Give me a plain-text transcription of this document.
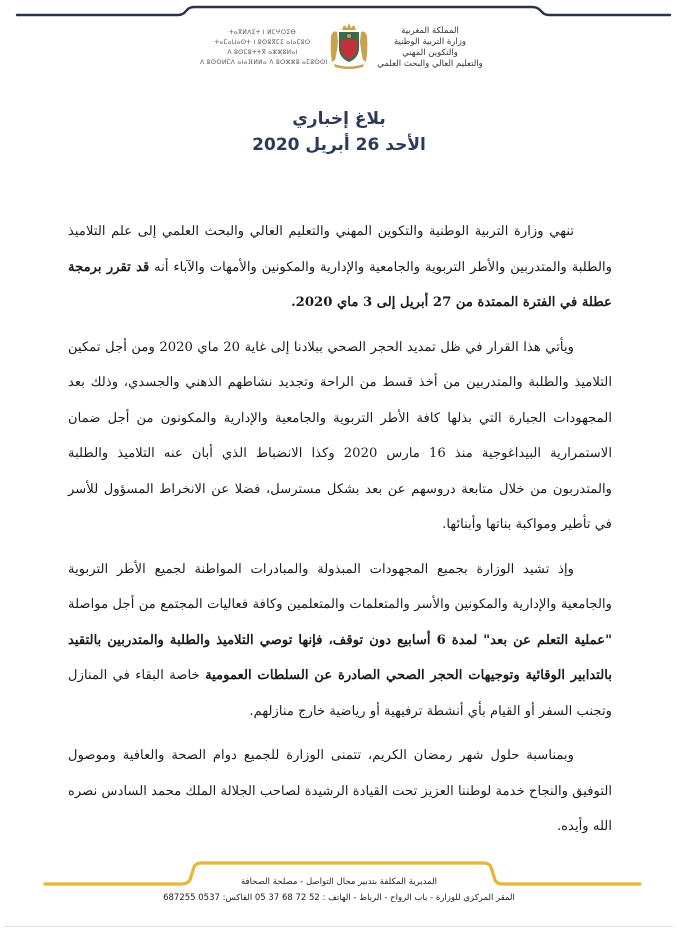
ⵜⴰⴳⵍⴷⵉⵜ ⵏ ⵍⵎⵖⵔⵉⴱ
ⵜⴰⵎⴰⵡⴰⵙⵜ ⵏ ⵓⵙⵓⴳⵎⵉ ⴰⵏⴰⵎⵓⵔ
ⴷ ⵓⵙⵎⵓⵜⵜⴳ ⴰⵣⵣⵓⵍⴰⵏ
ⴷ ⵓⵙⵙⵍⵎⴷ ⴰⵏⴰⴼⵍⵍⴰ ⴷ ⵓⵔⵣⵣⵓ ⴰⵎⵓⵙⵙⵏ
المملكة المغربية
وزارة التربية الوطنية
والتكوين المهني
والتعليم العالي والبحث العلمي
بلاغ إخباري
الأحد 26 أبريل 2020

تنهي وزارة التربية الوطنية والتكوين المهني والتعليم العالي والبحث العلمي إلى علم التلاميذ والطلبة والمتدربين والأطر التربوية والجامعية والإدارية والمكونين والأمهات والآباء أنه قد تقرر برمجة عطلة في الفترة الممتدة من 27 أبريل إلى 3 ماي 2020.

ويأتي هذا القرار في ظل تمديد الحجر الصحي ببلادنا إلى غاية 20 ماي 2020 ومن أجل تمكين التلاميذ والطلبة والمتدربين من أخذ قسط من الراحة وتجديد نشاطهم الذهني والجسدي، وذلك بعد المجهودات الجبارة التي بذلها كافة الأطر التربوية والجامعية والإدارية والمكونون من أجل ضمان الاستمرارية البيداغوجية منذ 16 مارس 2020 وكذا الانضباط الذي أبان عنه التلاميذ والطلبة والمتدربون من خلال متابعة دروسهم عن بعد بشكل مسترسل، فضلا عن الانخراط المسؤول للأسر في تأطير ومواكبة بناتها وأبنائها.

وإذ تشيد الوزارة بجميع المجهودات المبذولة والمبادرات المواطنة لجميع الأطر التربوية والجامعية والإدارية والمكونين والأسر والمتعلمات والمتعلمين وكافة فعاليات المجتمع من أجل مواصلة "عملية التعلم عن بعد" لمدة 6 أسابيع دون توقف، فإنها توصي التلاميذ والطلبة والمتدربين بالتقيد بالتدابير الوقائية وتوجيهات الحجر الصحي الصادرة عن السلطات العمومية خاصة البقاء في المنازل وتجنب السفر أو القيام بأي أنشطة ترفيهية أو رياضية خارج منازلهم.

وبمناسبة حلول شهر رمضان الكريم، تتمنى الوزارة للجميع دوام الصحة والعافية وموصول التوفيق والنجاح خدمة لوطننا العزيز تحت القيادة الرشيدة لصاحب الجلالة الملك محمد السادس نصره الله وأيده.

المديرية المكلفة بتدبير مجال التواصل - مصلحة الصحافة
المقر المركزي للوزارة - باب الرواح - الرباط - الهاتف : 52 72 68 37 05 الفاكس: 0537 687255
